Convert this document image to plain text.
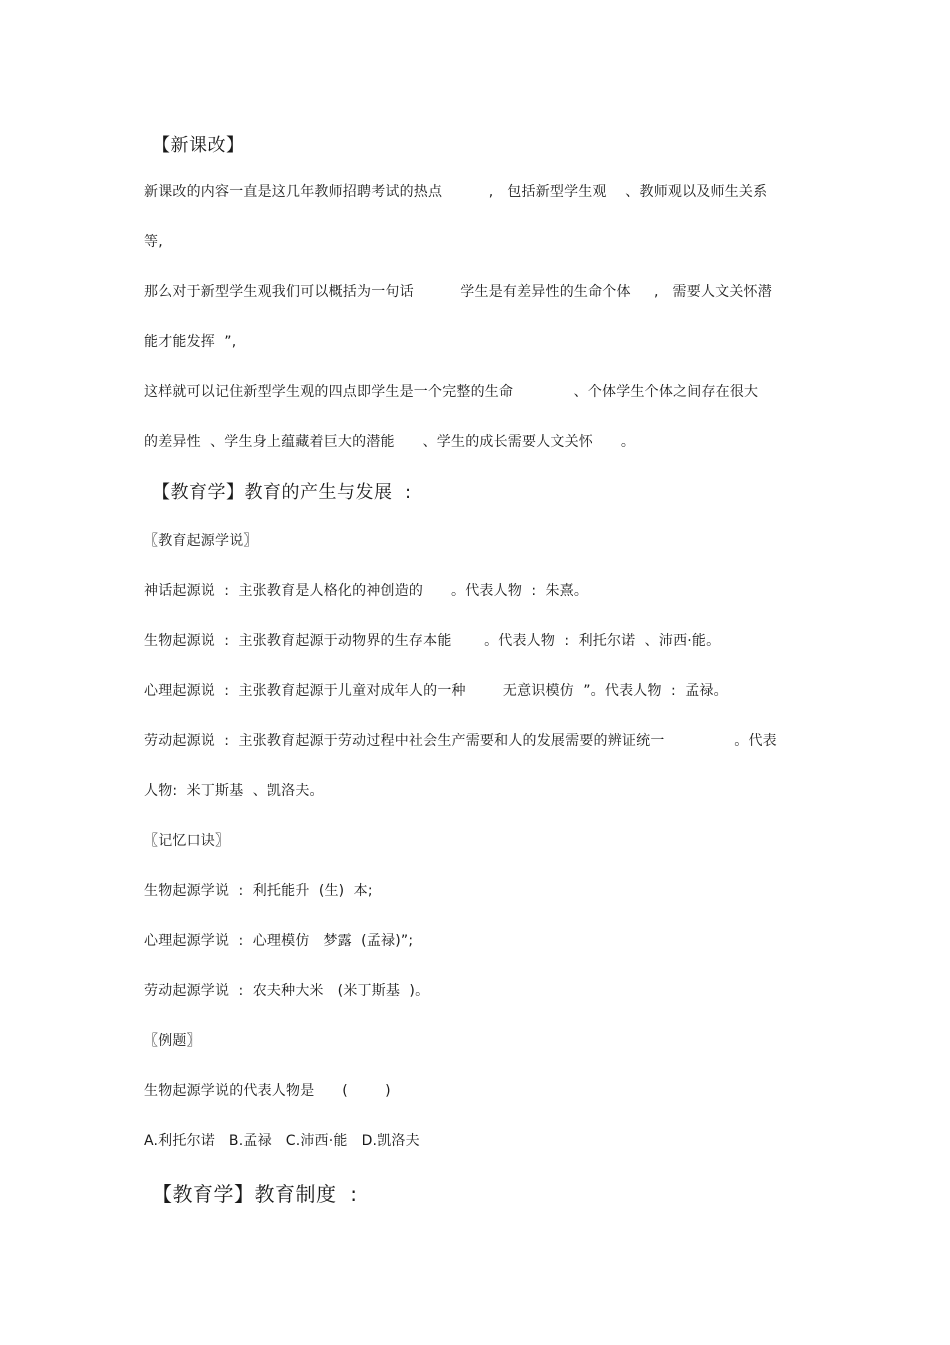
【新课改】
新课改的内容一直是这几年教师招聘考试的热点          ,   包括新型学生观    、教师观以及师生关系
等,
那么对于新型学生观我们可以概括为一句话          学生是有差异性的生命个体     ,   需要人文关怀潜
能才能发挥  ”,
这样就可以记住新型学生观的四点即学生是一个完整的生命             、个体学生个体之间存在很大
的差异性  、学生身上蕴藏着巨大的潜能      、学生的成长需要人文关怀      。
【教育学】教育的产生与发展  :
〖教育起源学说〗
神话起源说  :  主张教育是人格化的神创造的      。代表人物  :  朱熹。
生物起源说  :  主张教育起源于动物界的生存本能       。代表人物  :  利托尔诺  、沛西·能。
心理起源说  :  主张教育起源于儿童对成年人的一种        无意识模仿  ”。代表人物  :  孟禄。
劳动起源说  :  主张教育起源于劳动过程中社会生产需要和人的发展需要的辨证统一               。代表
人物:  米丁斯基  、凯洛夫。
〖记忆口诀〗
生物起源学说  :  利托能升  (生)  本;
心理起源学说  :  心理模仿   梦露  (孟禄)”;
劳动起源学说  :  农夫种大米   (米丁斯基  )。
〖例题〗
生物起源学说的代表人物是      (        )
A.利托尔诺   B.孟禄   C.沛西·能   D.凯洛夫
【教育学】教育制度  :
